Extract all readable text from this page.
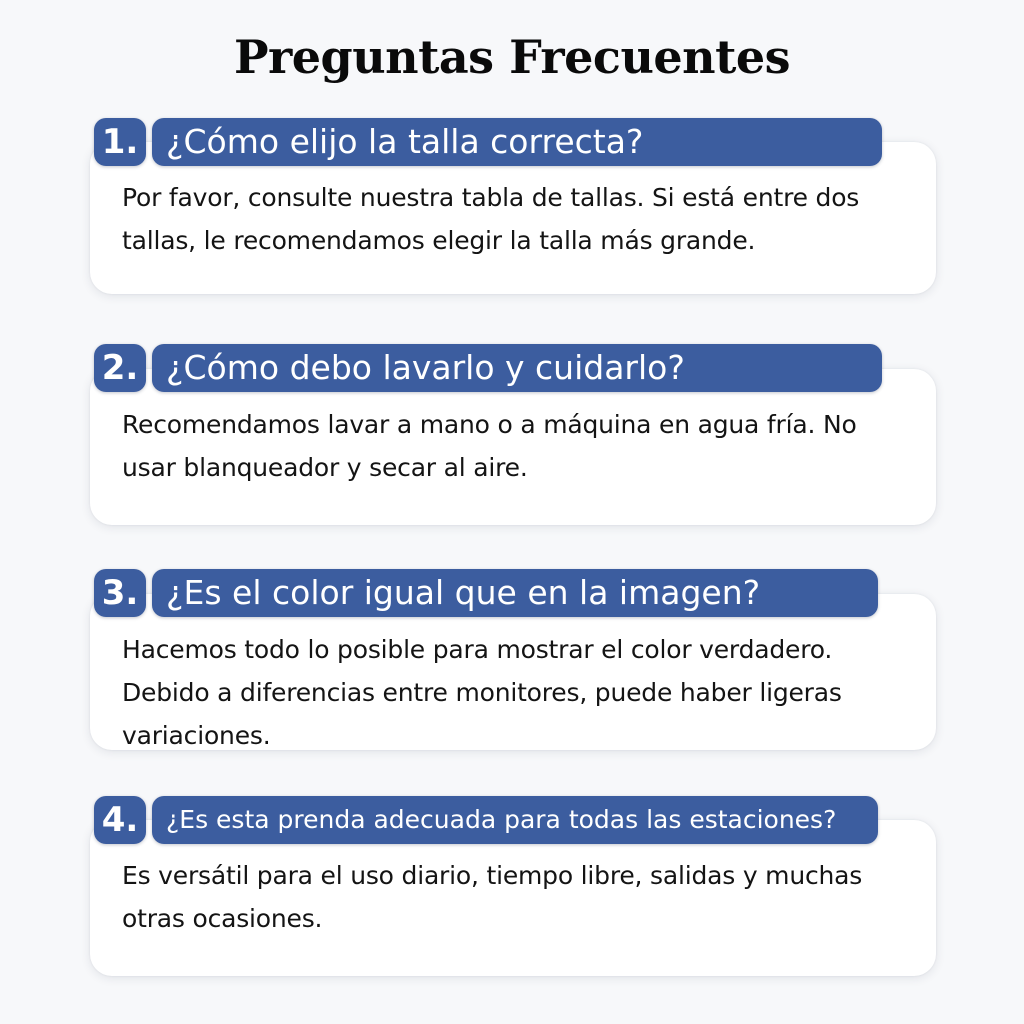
Preguntas Frecuentes

Por favor, consulte nuestra tabla de tallas. Si está entre dos tallas, le recomendamos elegir la talla más grande.

1. ¿Cómo elijo la talla correcta?

Recomendamos lavar a mano o a máquina en agua fría. No usar blanqueador y secar al aire.

2. ¿Cómo debo lavarlo y cuidarlo?

Hacemos todo lo posible para mostrar el color verdadero. Debido a diferencias entre monitores, puede haber ligeras variaciones.

3. ¿Es el color igual que en la imagen?

Es versátil para el uso diario, tiempo libre, salidas y muchas otras ocasiones.

4.	¿Es esta prenda adecuada para todas las estaciones?
